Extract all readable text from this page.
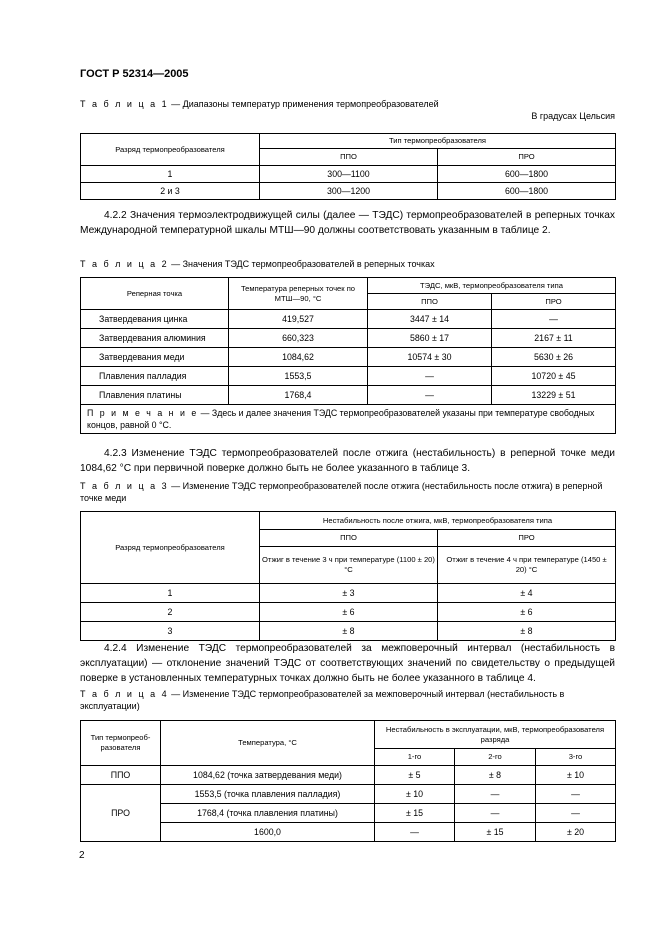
ГОСТ Р 52314—2005
Т а б л и ц а 1 — Диапазоны температур применения термопреобразователей
В градусах Цельсия
Разряд термопреобразователя	Тип термопреобразователя	
	ППО	ПРО
1	300—1100	600—1800
2 и 3	300—1200	600—1800
4.2.2 Значения термоэлектродвижущей силы (далее — ТЭДС) термопреобразователей в реперных точках Международной температурной шкалы МТШ—90 должны соответствовать указанным в таблице 2.
Т а б л и ц а 2 — Значения ТЭДС термопреобразователей в реперных точках
Реперная точка	Температура реперных точек по МТШ—90, °С	ТЭДС, мкВ, термопреобразователя типа	
		ППО	ПРО
Затвердевания цинка	419,527	3447 ± 14	—
Затвердевания алюминия	660,323	5860 ± 17	2167 ± 11
Затвердевания меди	1084,62	10574 ± 30	5630 ± 26
Плавления палладия	1553,5	—	10720 ± 45
Плавления платины	1768,4	—	13229 ± 51
П р и м е ч а н и е — Здесь и далее значения ТЭДС термопреобразователей указаны при температуре свободных концов, равной 0 °С.			
4.2.3 Изменение ТЭДС термопреобразователей после отжига (нестабильность) в реперной точке меди 1084,62 °С при первичной поверке должно быть не более указанного в таблице 3.
Т а б л и ц а 3 — Изменение ТЭДС термопреобразователей после отжига (нестабильность после отжига) в реперной точке меди
Разряд термопреобразователя	Нестабильность после отжига, мкВ, термопреобразователя типа	
	ППО	ПРО
	Отжиг в течение 3 ч при температуре (1100 ± 20) °С	Отжиг в течение 4 ч при температуре (1450 ± 20) °С
1	± 3	± 4
2	± 6	± 6
3	± 8	± 8
4.2.4 Изменение ТЭДС термопреобразователей за межповерочный интервал (нестабильность в эксплуатации) — отклонение значений ТЭДС от соответствующих значений по свидетельству о предыдущей поверке в установленных температурных точках должно быть не более указанного в таблице 4.
Т а б л и ц а 4 — Изменение ТЭДС термопреобразователей за межповерочный интервал (нестабильность в эксплуатации)
Тип термопреоб-разователя	Температура, °С	Нестабильность в эксплуатации, мкВ, термопреобразователя разряда		
		1-го	2-го	3-го
ППО	1084,62 (точка затвердевания меди)	± 5	± 8	± 10
ПРО	1553,5 (точка плавления палладия)	± 10	—	—
	1768,4 (точка плавления платины)	± 15	—	—
	1600,0	—	± 15	± 20
2
